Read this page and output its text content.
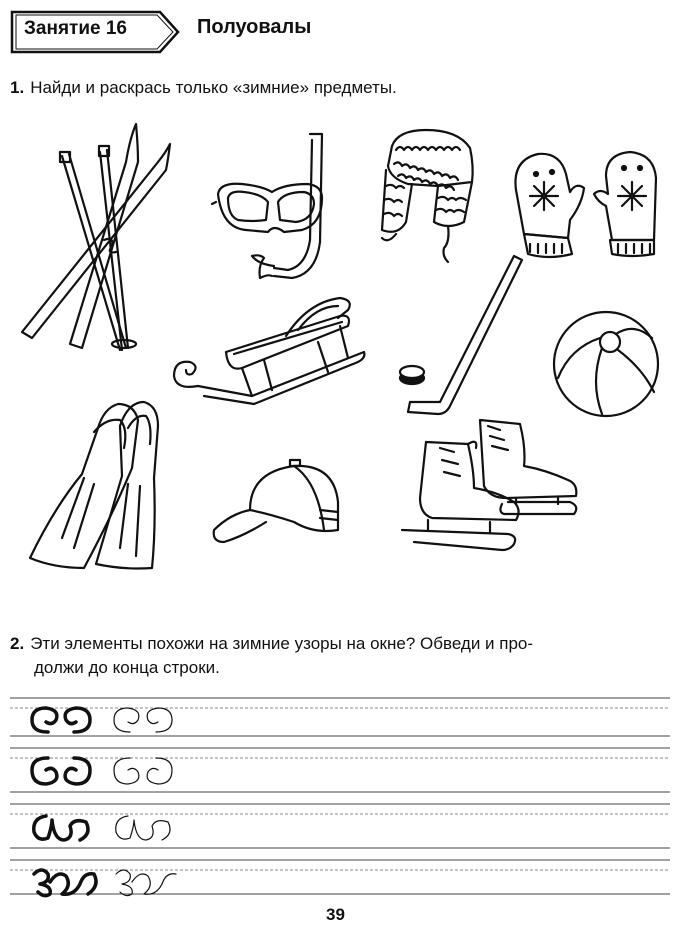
Занятие 16	Полуовалы
1. Найди и раскрась только «зимние» предметы.
2. Эти элементы похожи на зимние узоры на окне? Обведи и про-
должи до конца строки.
39
